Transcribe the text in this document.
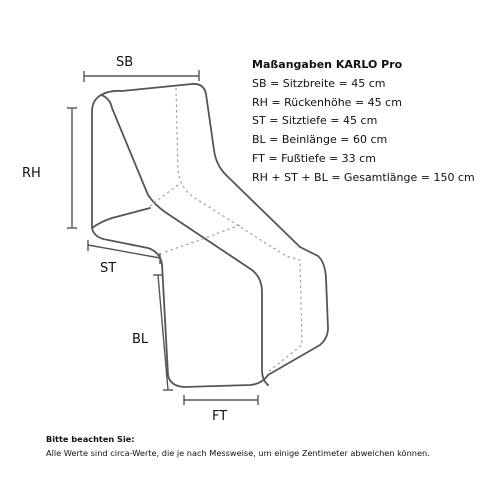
SB
RH
ST
BL
FT
Maßangaben KARLO Pro
SB = Sitzbreite = 45 cm
RH = Rückenhöhe = 45 cm
ST = Sitztiefe = 45 cm
BL = Beinlänge = 60 cm
FT = Fußtiefe = 33 cm
RH + ST + BL = Gesamtlänge = 150 cm
Bitte beachten Sie:
Alle Werte sind circa-Werte, die je nach Messweise, um einige Zentimeter abweichen können.
